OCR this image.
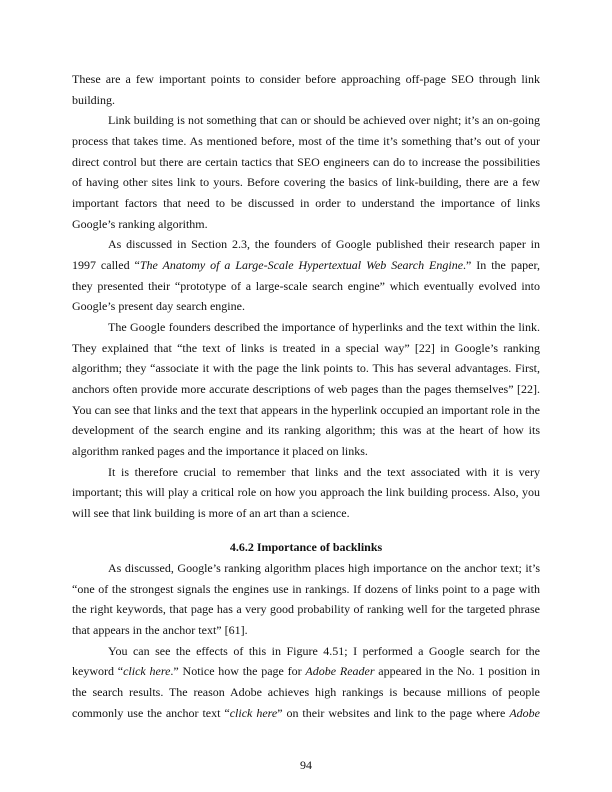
These are a few important points to consider before approaching off-page SEO through link
building.
Link building is not something that can or should be achieved over night; it’s an on-going
process that takes time. As mentioned before, most of the time it’s something that’s out of your
direct control but there are certain tactics that SEO engineers can do to increase the possibilities
of having other sites link to yours. Before covering the basics of link-building, there are a few
important factors that need to be discussed in order to understand the importance of links
Google’s ranking algorithm.
As discussed in Section 2.3, the founders of Google published their research paper in
1997 called “The Anatomy of a Large-Scale Hypertextual Web Search Engine.” In the paper,
they presented their “prototype of a large-scale search engine” which eventually evolved into
Google’s present day search engine.
The Google founders described the importance of hyperlinks and the text within the link.
They explained that “the text of links is treated in a special way” [22] in Google’s ranking
algorithm; they “associate it with the page the link points to. This has several advantages. First,
anchors often provide more accurate descriptions of web pages than the pages themselves” [22].
You can see that links and the text that appears in the hyperlink occupied an important role in the
development of the search engine and its ranking algorithm; this was at the heart of how its
algorithm ranked pages and the importance it placed on links.
It is therefore crucial to remember that links and the text associated with it is very
important; this will play a critical role on how you approach the link building process. Also, you
will see that link building is more of an art than a science.
4.6.2 Importance of backlinks
As discussed, Google’s ranking algorithm places high importance on the anchor text; it’s
“one of the strongest signals the engines use in rankings. If dozens of links point to a page with
the right keywords, that page has a very good probability of ranking well for the targeted phrase
that appears in the anchor text” [61].
You can see the effects of this in Figure 4.51; I performed a Google search for the
keyword “click here.” Notice how the page for Adobe Reader appeared in the No. 1 position in
the search results. The reason Adobe achieves high rankings is because millions of people
commonly use the anchor text “click here” on their websites and link to the page where Adobe
94
